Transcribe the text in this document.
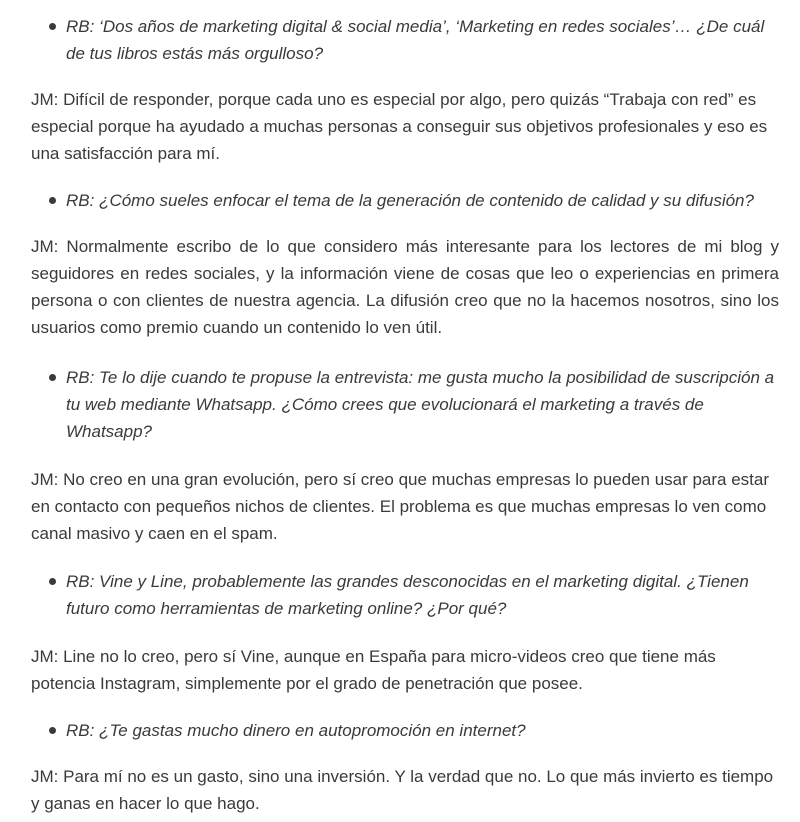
RB: ‘Dos años de marketing digital & social media’, ‘Marketing en redes sociales’… ¿De cuál de tus libros estás más orgulloso?

JM: Difícil de responder, porque cada uno es especial por algo, pero quizás “Trabaja con red” es especial porque ha ayudado a muchas personas a conseguir sus objetivos profesionales y eso es una satisfacción para mí.

RB: ¿Cómo sueles enfocar el tema de la generación de contenido de calidad y su difusión?

JM: Normalmente escribo de lo que considero más interesante para los lectores de mi blog y seguidores en redes sociales, y la información viene de cosas que leo o experiencias en primera persona o con clientes de nuestra agencia. La difusión creo que no la hacemos nosotros, sino los usuarios como premio cuando un contenido lo ven útil.

RB: Te lo dije cuando te propuse la entrevista: me gusta mucho la posibilidad de suscripción a tu web mediante Whatsapp. ¿Cómo crees que evolucionará el marketing a través de Whatsapp?

JM: No creo en una gran evolución, pero sí creo que muchas empresas lo pueden usar para estar en contacto con pequeños nichos de clientes. El problema es que muchas empresas lo ven como canal masivo y caen en el spam.

RB: Vine y Line, probablemente las grandes desconocidas en el marketing digital. ¿Tienen futuro como herramientas de marketing online? ¿Por qué?

JM: Line no lo creo, pero sí Vine, aunque en España para micro-videos creo que tiene más potencia Instagram, simplemente por el grado de penetración que posee.

RB: ¿Te gastas mucho dinero en autopromoción en internet?

JM: Para mí no es un gasto, sino una inversión. Y la verdad que no. Lo que más invierto es tiempo y ganas en hacer lo que hago.
